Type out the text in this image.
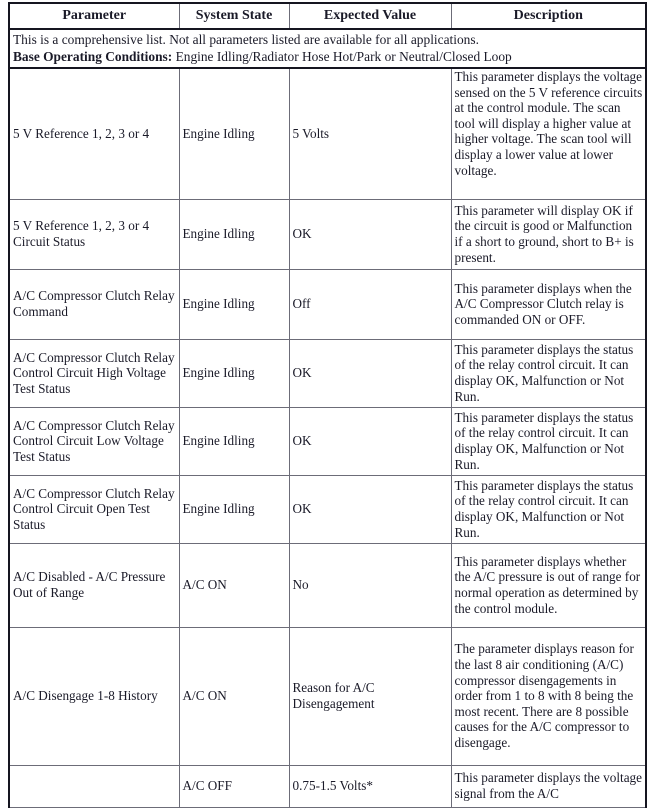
Parameter	System State	Expected Value	Description

This is a comprehensive list. Not all parameters listed are available for all applications.
Base Operating Conditions: Engine Idling/Radiator Hose Hot/Park or Neutral/Closed Loop			

5 V Reference 1, 2, 3 or 4	Engine Idling	5 Volts	This parameter displays the voltage sensed on the 5 V reference circuits at the control module. The scan tool will display a higher value at higher voltage. The scan tool will display a lower value at lower voltage.
5 V Reference 1, 2, 3 or 4 Circuit Status	Engine Idling	OK	This parameter will display OK if the circuit is good or Malfunction if a short to ground, short to B+ is present.
A/C Compressor Clutch Relay Command	Engine Idling	Off	This parameter displays when the A/C Compressor Clutch relay is commanded ON or OFF.
A/C Compressor Clutch Relay Control Circuit High Voltage Test Status	Engine Idling	OK	This parameter displays the status of the relay control circuit. It can display OK, Malfunction or Not Run.
A/C Compressor Clutch Relay Control Circuit Low Voltage Test Status	Engine Idling	OK	This parameter displays the status of the relay control circuit. It can display OK, Malfunction or Not Run.
A/C Compressor Clutch Relay Control Circuit Open Test Status	Engine Idling	OK	This parameter displays the status of the relay control circuit. It can display OK, Malfunction or Not Run.
A/C Disabled - A/C Pressure Out of Range	A/C ON	No	This parameter displays whether the A/C pressure is out of range for normal operation as determined by the control module.
A/C Disengage 1-8 History	A/C ON	Reason for A/C Disengagement	The parameter displays reason for the last 8 air conditioning (A/C) compressor disengagements in order from 1 to 8 with 8 being the most recent. There are 8 possible causes for the A/C compressor to disengage.
	A/C OFF	0.75-1.5 Volts*	This parameter displays the voltage signal from the A/C
